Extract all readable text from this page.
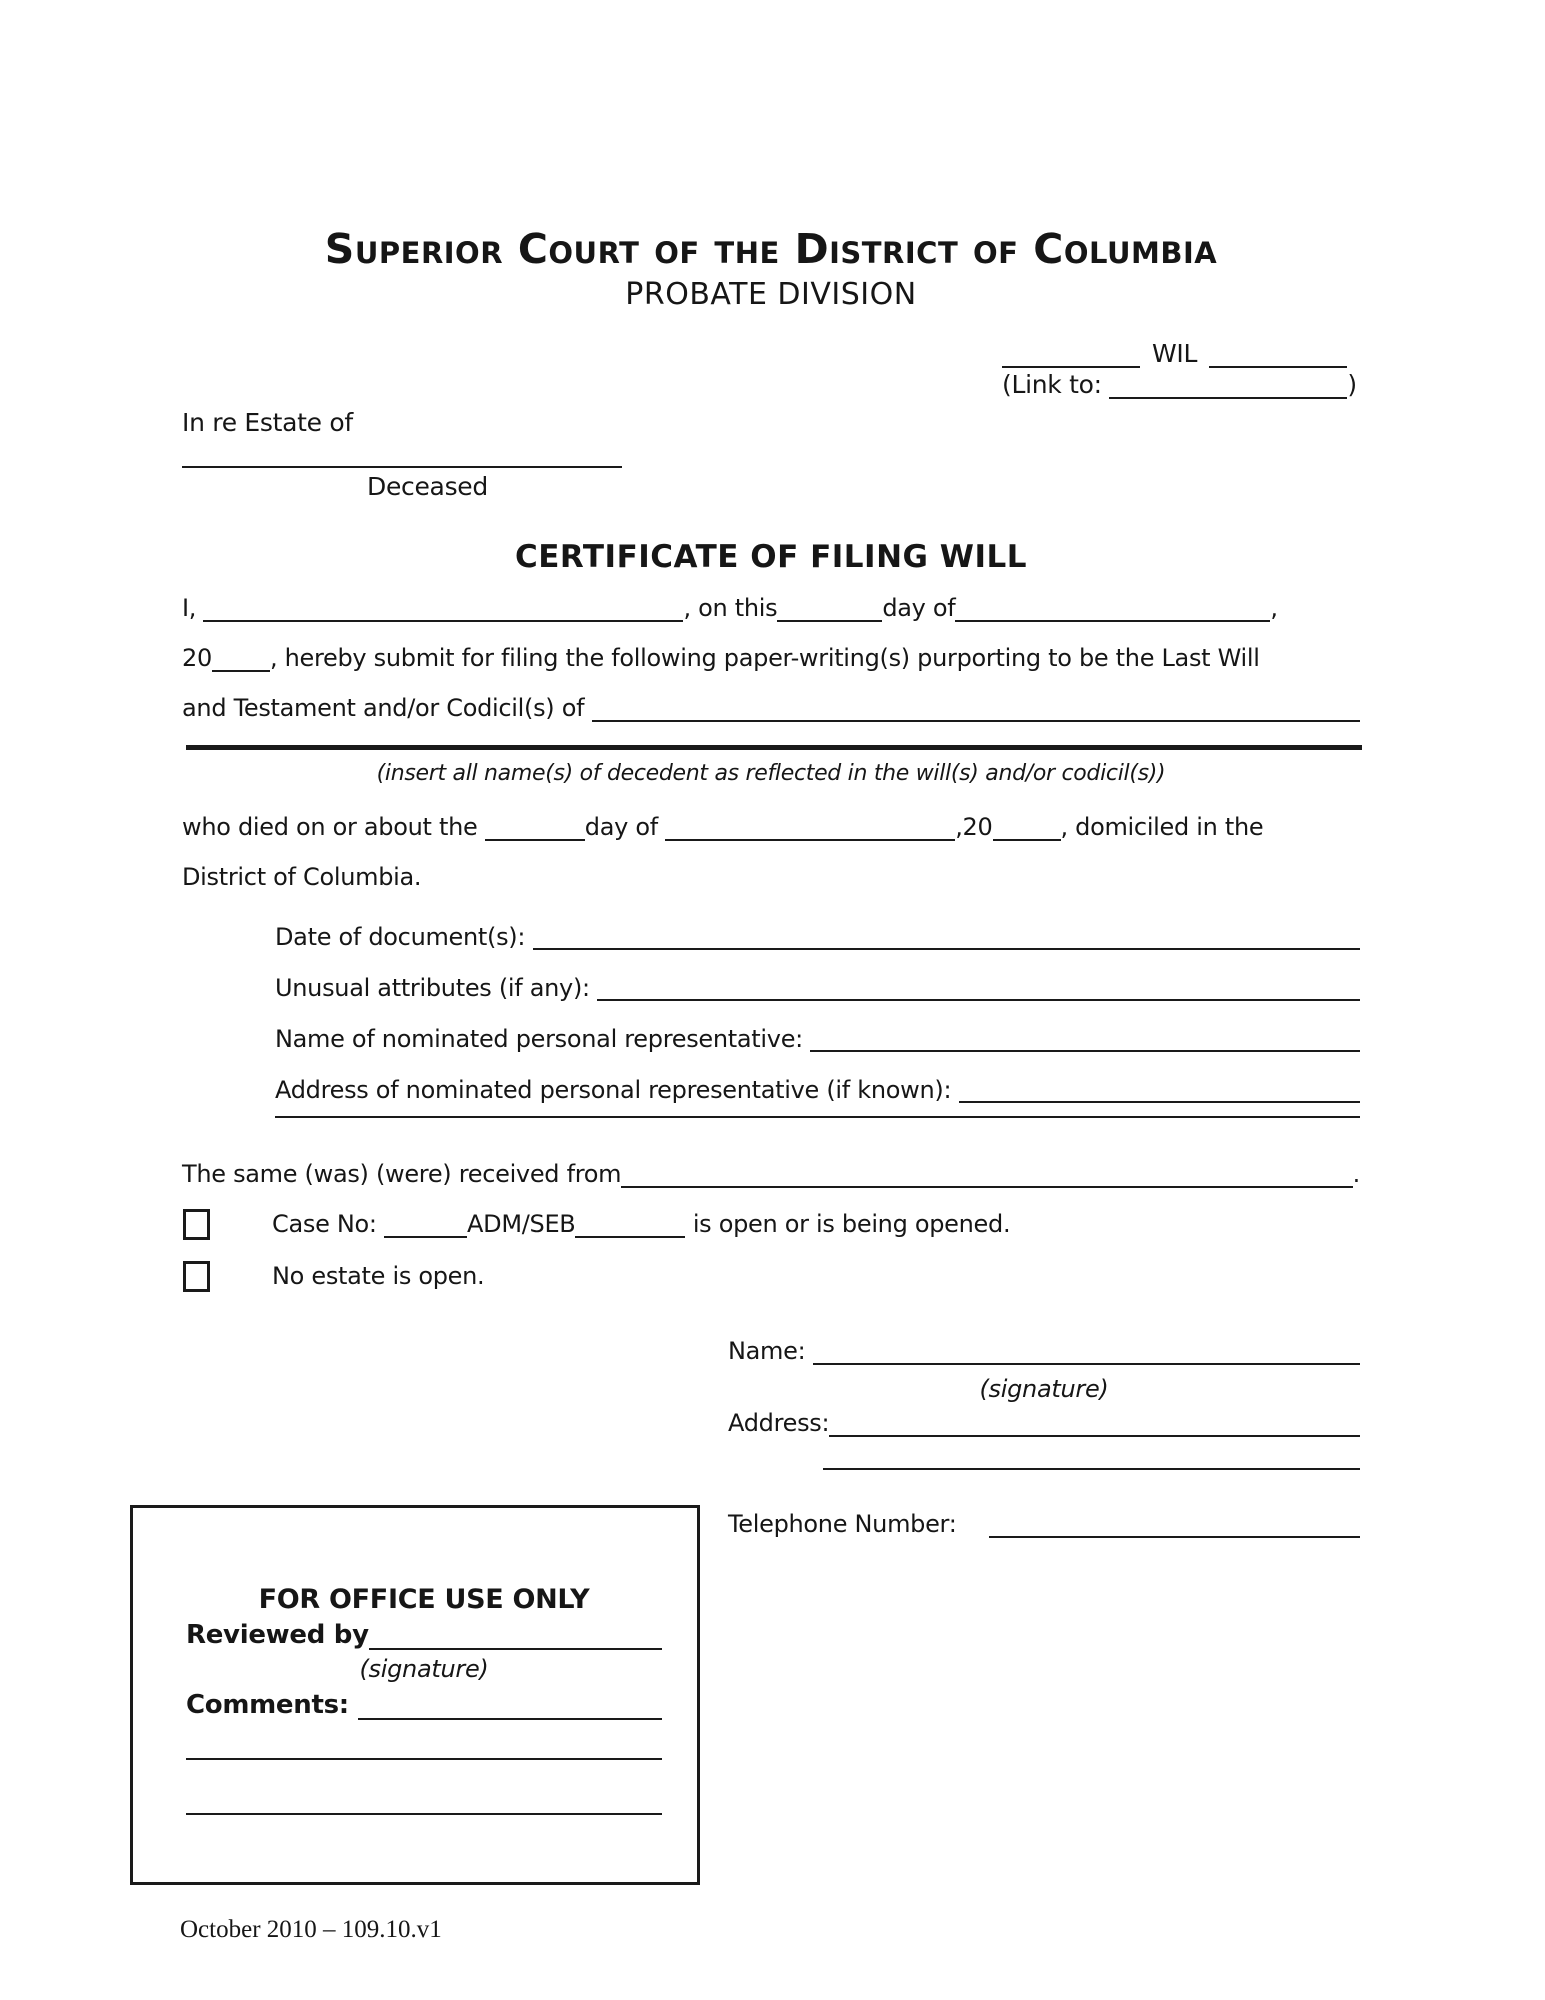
WIL
(Link to:	)
Superior Court of the District of Columbia
PROBATE DIVISION
In re Estate of
Deceased
CERTIFICATE OF FILING WILL
I,	, on this	day of	,
20 , hereby submit for filing the following paper-writing(s) purporting to be the Last Will
and Testament and/or Codicil(s) of
(insert all name(s) of decedent as reflected in the will(s) and/or codicil(s))
who died on or about the	day of	,20	, domiciled in the
District of Columbia.
Date of document(s):
Unusual attributes (if any):
Name of nominated personal representative:
Address of nominated personal representative (if known):
The same (was) (were) received from	.
Case No:	ADM/SEB	is open or is being opened.
No estate is open.
Name:
(signature)
Address:
Telephone Number:
FOR OFFICE USE ONLY
Reviewed by
(signature)
Comments:
October 2010 – 109.10.v1
